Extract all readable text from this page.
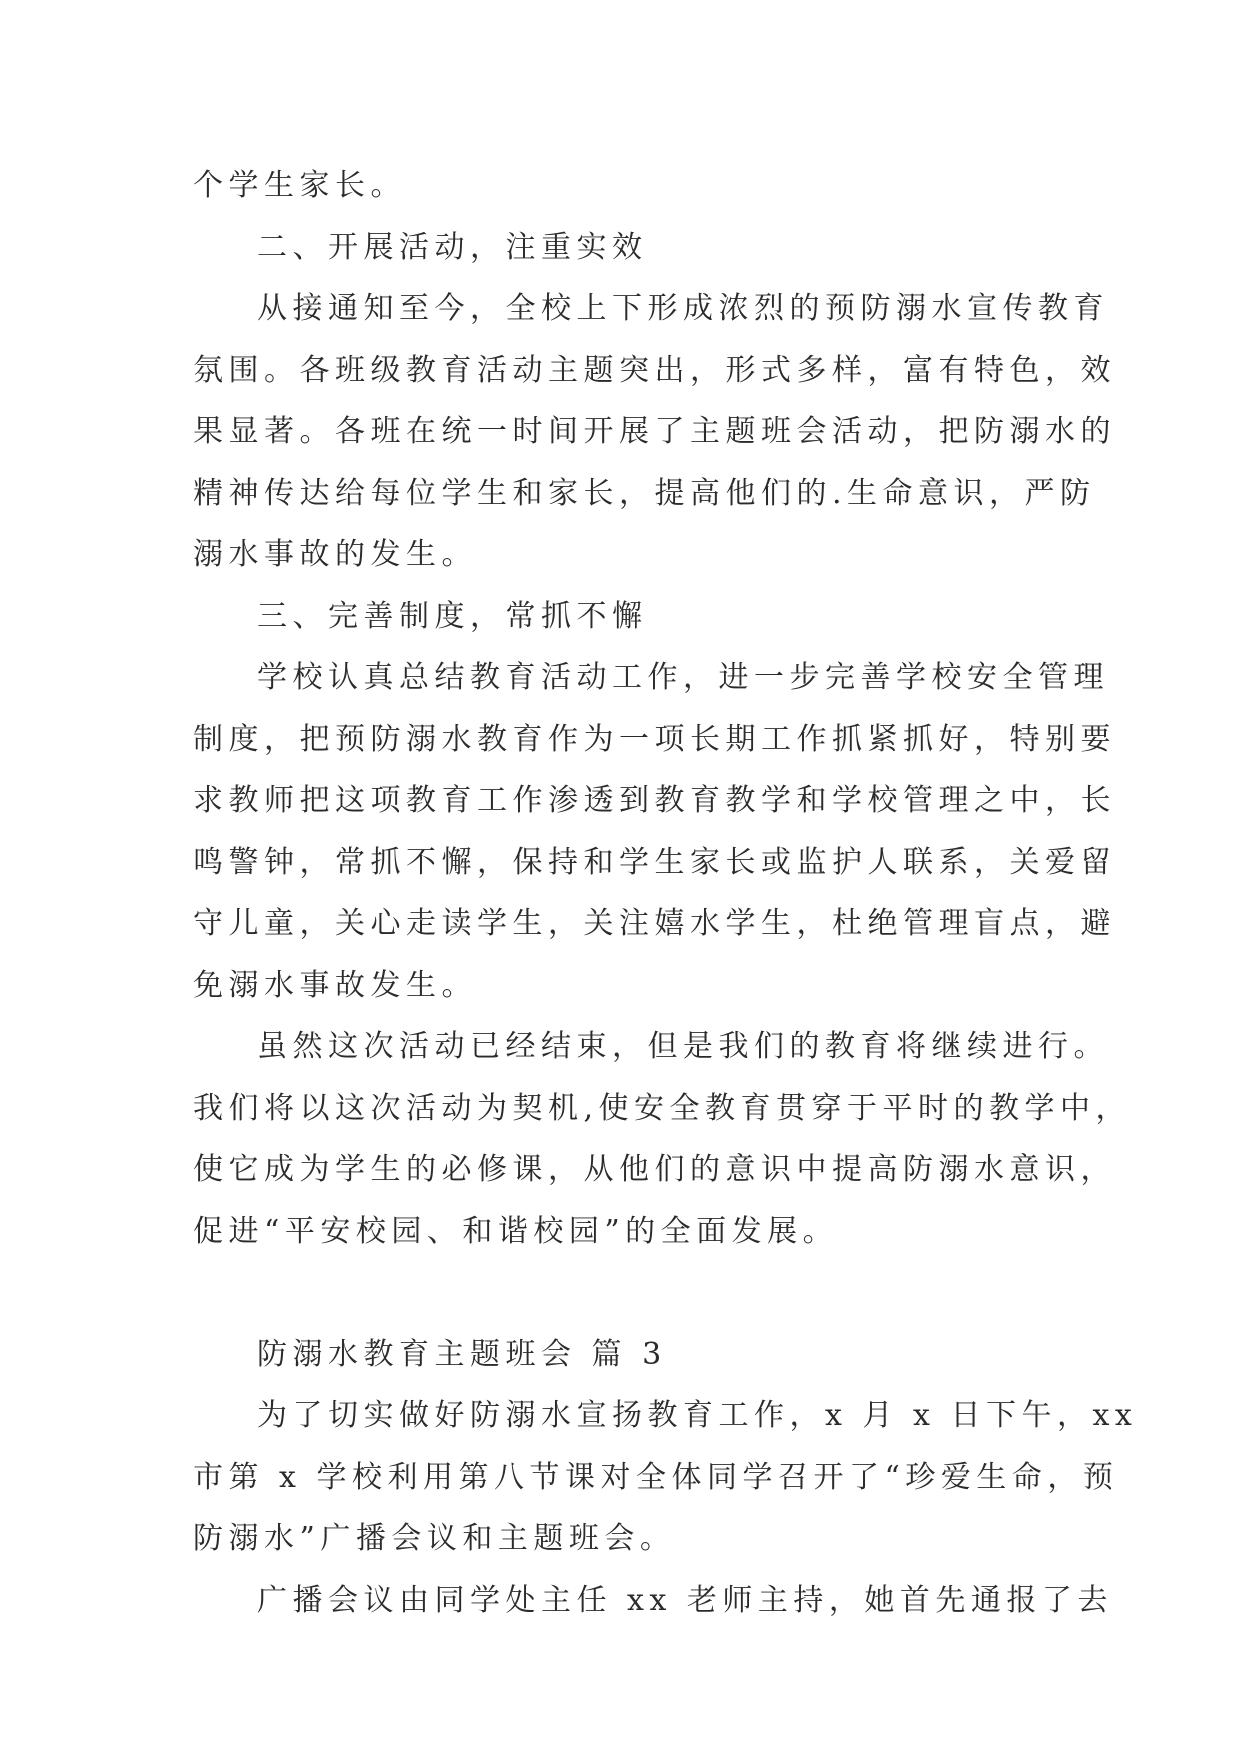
个学生家长。
二、开展活动，注重实效
从接通知至今，全校上下形成浓烈的预防溺水宣传教育
氛围。各班级教育活动主题突出，形式多样，富有特色，效
果显著。各班在统一时间开展了主题班会活动，把防溺水的
精神传达给每位学生和家长，提高他们的.生命意识，严防
溺水事故的发生。
三、完善制度，常抓不懈
学校认真总结教育活动工作，进一步完善学校安全管理
制度，把预防溺水教育作为一项长期工作抓紧抓好，特别要
求教师把这项教育工作渗透到教育教学和学校管理之中，长
鸣警钟，常抓不懈，保持和学生家长或监护人联系，关爱留
守儿童，关心走读学生，关注嬉水学生，杜绝管理盲点，避
免溺水事故发生。
虽然这次活动已经结束，但是我们的教育将继续进行。
我们将以这次活动为契机,使安全教育贯穿于平时的教学中，
使它成为学生的必修课，从他们的意识中提高防溺水意识，
促进“平安校园、和谐校园”的全面发展。
防溺水教育主题班会 篇 3
为了切实做好防溺水宣扬教育工作，x 月 x 日下午，xx
市第 x 学校利用第八节课对全体同学召开了“珍爱生命，预
防溺水”广播会议和主题班会。
广播会议由同学处主任 xx 老师主持，她首先通报了去
